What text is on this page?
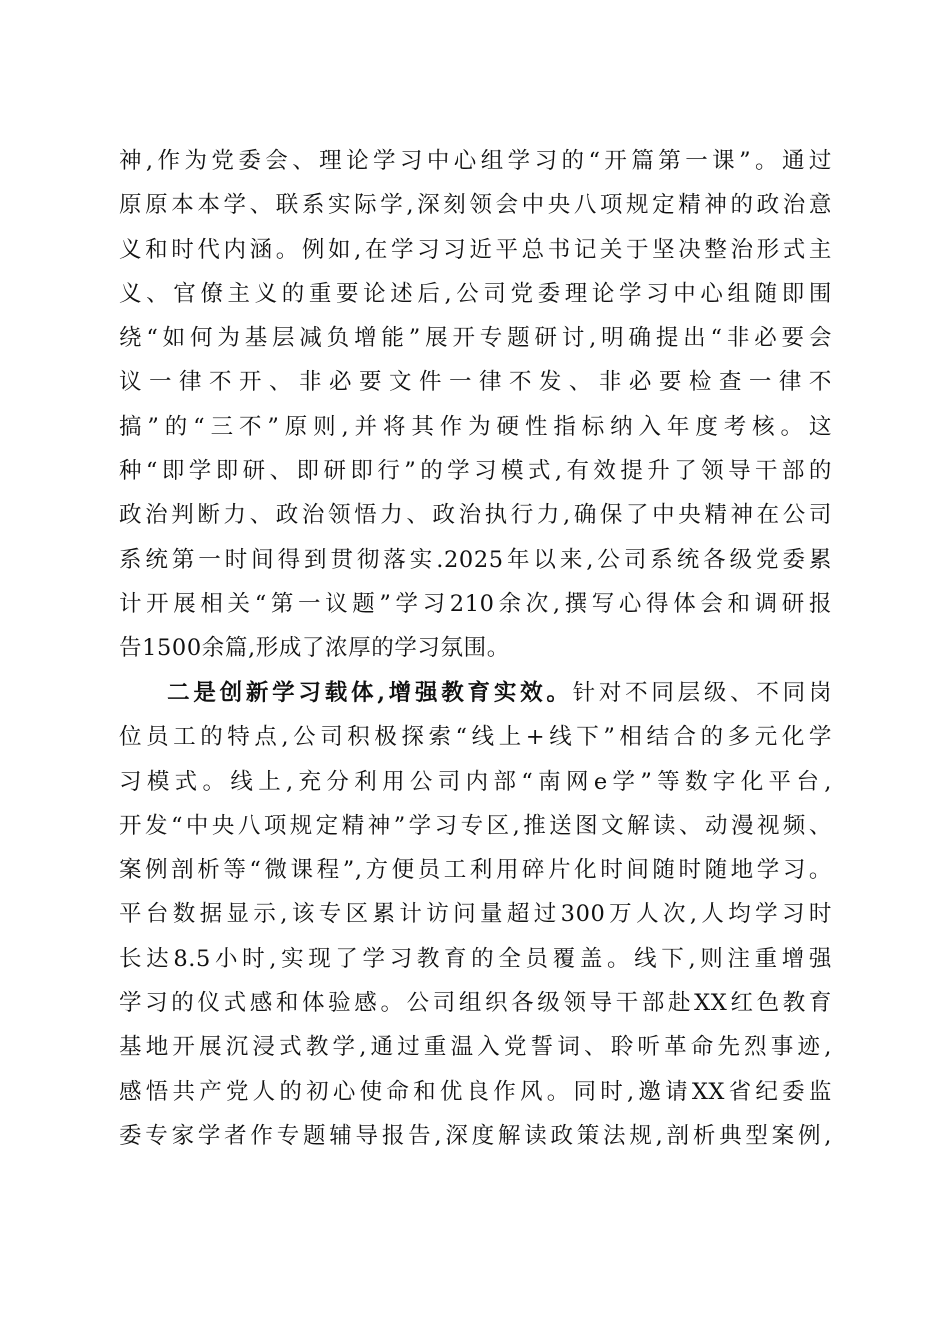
神,作为党委会、理论学习中心组学习的“开篇第一课”。通过
原原本本学、联系实际学,深刻领会中央八项规定精神的政治意
义和时代内涵。例如,在学习习近平总书记关于坚决整治形式主
义、官僚主义的重要论述后,公司党委理论学习中心组随即围
绕“如何为基层减负增能”展开专题研讨,明确提出“非必要会
议一律不开、非必要文件一律不发、非必要检查一律不
搞”的“三不”原则,并将其作为硬性指标纳入年度考核。这
种“即学即研、即研即行”的学习模式,有效提升了领导干部的
政治判断力、政治领悟力、政治执行力,确保了中央精神在公司
系统第一时间得到贯彻落实.2025年以来,公司系统各级党委累
计开展相关“第一议题”学习210余次,撰写心得体会和调研报
告1500余篇,形成了浓厚的学习氛围。
二是创新学习载体,增强教育实效。针对不同层级、不同岗
位员工的特点,公司积极探索“线上+线下”相结合的多元化学
习模式。线上,充分利用公司内部“南网e学”等数字化平台,
开发“中央八项规定精神”学习专区,推送图文解读、动漫视频、
案例剖析等“微课程”,方便员工利用碎片化时间随时随地学习。
平台数据显示,该专区累计访问量超过300万人次,人均学习时
长达8.5小时,实现了学习教育的全员覆盖。线下,则注重增强
学习的仪式感和体验感。公司组织各级领导干部赴XX红色教育
基地开展沉浸式教学,通过重温入党誓词、聆听革命先烈事迹,
感悟共产党人的初心使命和优良作风。同时,邀请XX省纪委监
委专家学者作专题辅导报告,深度解读政策法规,剖析典型案例,
